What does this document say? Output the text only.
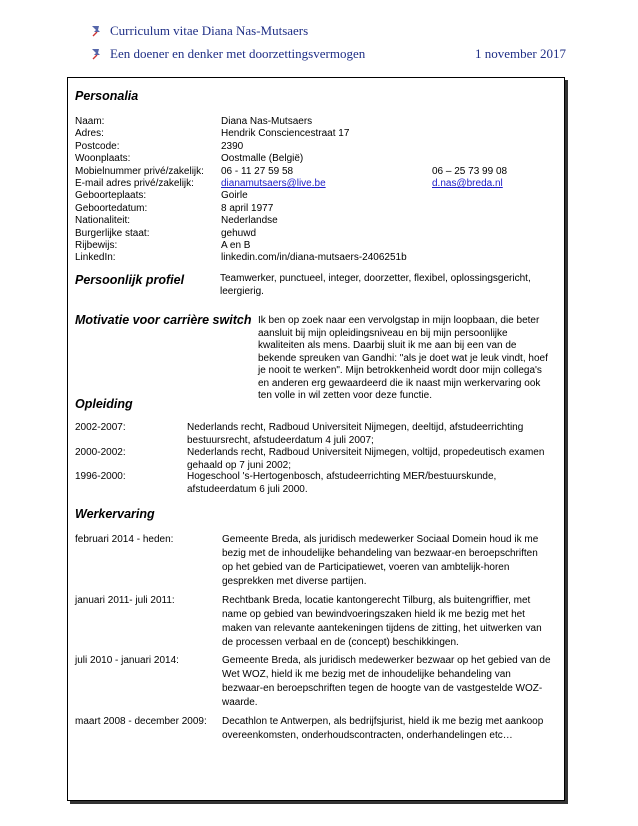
Curriculum vitae Diana Nas-Mutsaers
Een doener en denker met doorzettingsvermogen	1 november 2017
Personalia
Naam:	Diana Nas-Mutsaers
Adres:	Hendrik Consciencestraat 17
Postcode:	2390
Woonplaats:	Oostmalle (België)
Mobielnummer privé/zakelijk: 06 - 11 27 59 58	06 – 25 73 99 08
E-mail adres privé/zakelijk:	dianamutsaers@live.be	d.nas@breda.nl
Geboorteplaats:	Goirle
Geboortedatum:	8 april 1977
Nationaliteit:	Nederlandse
Burgerlijke staat:	gehuwd
Rijbewijs:	A en B
LinkedIn:	linkedin.com/in/diana-mutsaers-2406251b
Persoonlijk profiel	Teamwerker, punctueel, integer, doorzetter, flexibel, oplossingsgericht,
leergierig.
Motivatie voor carrière switch Ik ben op zoek naar een vervolgstap in mijn loopbaan, die beter
aansluit bij mijn opleidingsniveau en bij mijn persoonlijke
kwaliteiten als mens. Daarbij sluit ik me aan bij een van de
bekende spreuken van Gandhi: "als je doet wat je leuk vindt, hoef
je nooit te werken". Mijn betrokkenheid wordt door mijn collega's
en anderen erg gewaardeerd die ik naast mijn werkervaring ook
ten volle in wil zetten voor deze functie.
Opleiding
2002-2007:	Nederlands recht, Radboud Universiteit Nijmegen, deeltijd, afstudeerrichting
bestuursrecht, afstudeerdatum 4 juli 2007;
2000-2002:	Nederlands recht, Radboud Universiteit Nijmegen, voltijd, propedeutisch examen
gehaald op 7 juni 2002;
1996-2000:	Hogeschool 's-Hertogenbosch, afstudeerrichting MER/bestuurskunde,
afstudeerdatum 6 juli 2000.
Werkervaring
februari 2014 - heden:	Gemeente Breda, als juridisch medewerker Sociaal Domein houd ik me
bezig met de inhoudelijke behandeling van bezwaar-en beroepschriften
op het gebied van de Participatiewet, voeren van ambtelijk-horen
gesprekken met diverse partijen.
januari 2011- juli 2011:	Rechtbank Breda, locatie kantongerecht Tilburg, als buitengriffier, met
name op gebied van bewindvoeringszaken hield ik me bezig met het
maken van relevante aantekeningen tijdens de zitting, het uitwerken van
de processen verbaal en de (concept) beschikkingen.
juli 2010 - januari 2014:	Gemeente Breda, als juridisch medewerker bezwaar op het gebied van de
Wet WOZ, hield ik me bezig met de inhoudelijke behandeling van
bezwaar-en beroepschriften tegen de hoogte van de vastgestelde WOZ-
waarde.
maart 2008 - december 2009: Decathlon te Antwerpen, als bedrijfsjurist, hield ik me bezig met aankoop
overeenkomsten, onderhoudscontracten, onderhandelingen etc…
